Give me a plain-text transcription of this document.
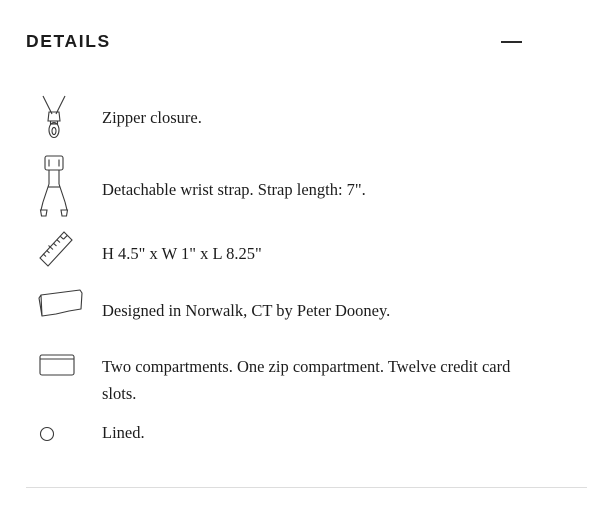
DETAILS
Zipper closure.
Detachable wrist strap. Strap length: 7".
H 4.5" x W 1" x L 8.25"
Designed in Norwalk, CT by Peter Dooney.
Two compartments. One zip compartment. Twelve credit card slots.
Lined.
